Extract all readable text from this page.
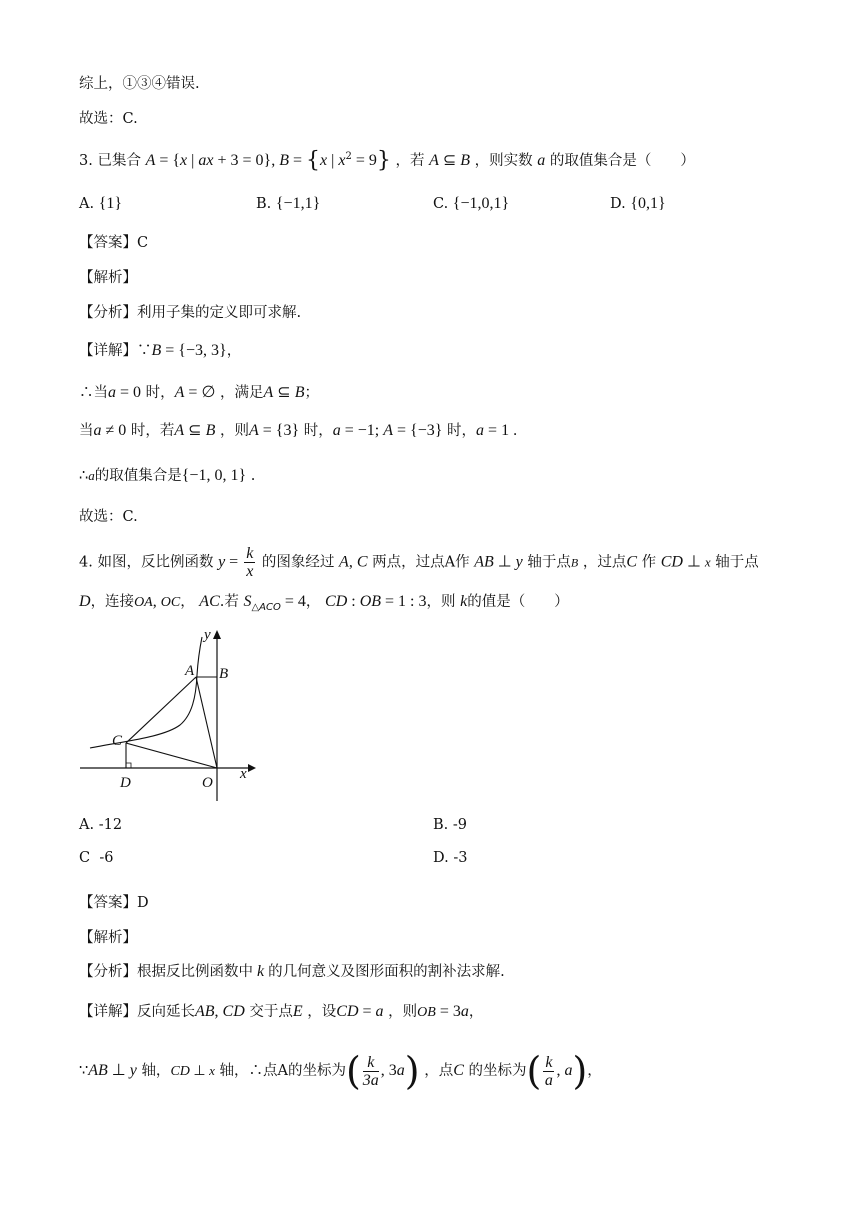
综上，①③④错误.
故选：C.
3. 已集合 A = {x | ax + 3 = 0}, B = {x | $x^2 = 9$} ，若 A ⊆ B ，则实数 a 的取值集合是（　　）
A. {1}	B. {−1,1}	C. {−1,0,1}	D. {0,1}
【答案】C
【解析】
【分析】利用子集的定义即可求解.
【详解】∵B = {−3, 3}，
∴当a = 0 时，A = ∅ ，满足A ⊆ B；
当a ≠ 0 时，若A ⊆ B ，则A = {3} 时，a = −1; A = {−3} 时，a = 1 .
∴a的取值集合是{−1, 0, 1} .
故选：C.
4. 如图，反比例函数 $y = \frac{k}{x}$ 的图象经过 A, C 两点，过点A作 AB ⊥ y 轴于点B ，过点C 作 CD ⊥ x 轴于点
D，连接OA, OC， AC.若 $S_{\triangle ACO} = 4$， CD : OB = 1 : 3，则 k的值是（　　）
y
A B
C
D	O
x
A. -12	B. -9
C -6	D. -3
【答案】D
【解析】
【分析】根据反比例函数中 k 的几何意义及图形面积的割补法求解.
【详解】反向延长AB, CD 交于点E ，设CD = a ，则OB = 3a，
∵AB ⊥ y 轴，CD ⊥ x 轴，∴点A的坐标为( $\frac{k}{3a}$ , 3a) ，点C 的坐标为( $\frac{k}{a}$ , a)，
